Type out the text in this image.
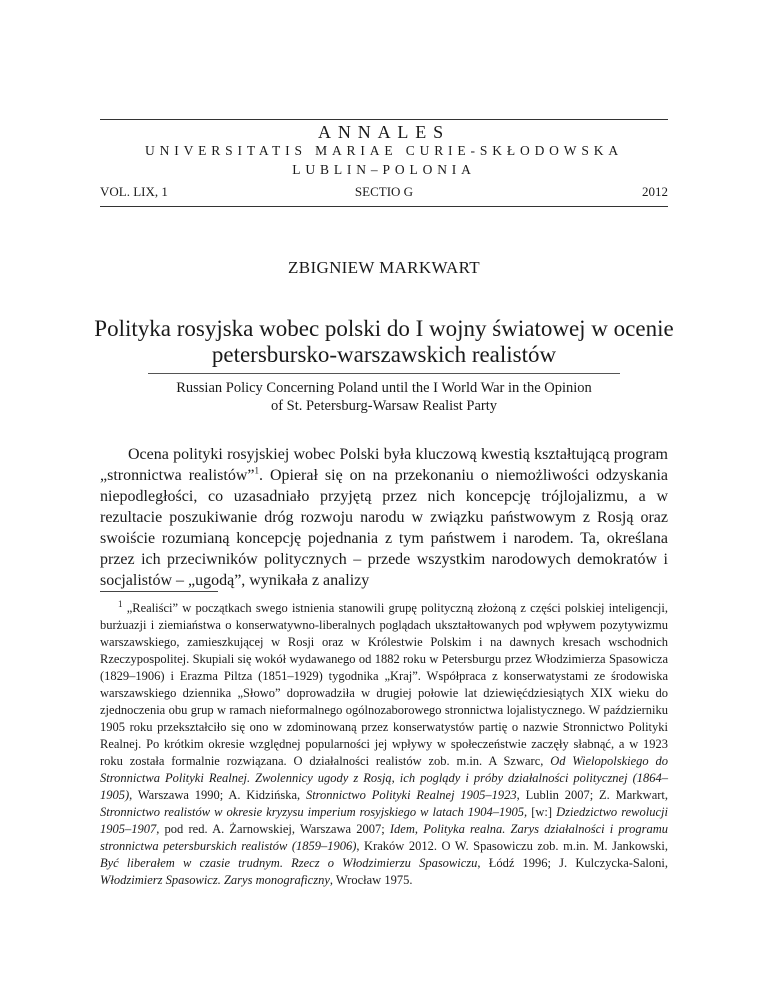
ANNALES
UNIVERSITATIS MARIAE CURIE-SKŁODOWSKA
LUBLIN–POLONIA
VOL. LIX, 1	SECTIO G	2012
ZBIGNIEW MARKWART
Polityka rosyjska wobec polski do I wojny światowej w ocenie
petersbursko-warszawskich realistów
Russian Policy Concerning Poland until the I World War in the Opinion
of St. Petersburg-Warsaw Realist Party
Ocena polityki rosyjskiej wobec Polski była kluczową kwestią kształtującą program „stronnictwa realistów”$^1$. Opierał się on na przekonaniu o niemożliwości odzyskania niepodległości, co uzasadniało przyjętą przez nich koncepcję trójlojalizmu, a w rezultacie poszukiwanie dróg rozwoju narodu w związku państwowym z Rosją oraz swoiście rozumianą koncepcję pojednania z tym państwem i narodem. Ta, określana przez ich przeciwników politycznych – przede wszystkim narodowych demokratów i socjalistów – „ugodą”, wynikała z analizy
$^1$ „Realiści” w początkach swego istnienia stanowili grupę polityczną złożoną z części polskiej inteligencji, burżuazji i ziemiaństwa o konserwatywno-liberalnych poglądach ukształtowanych pod wpływem pozytywizmu warszawskiego, zamieszkującej w Rosji oraz w Królestwie Polskim i na dawnych kresach wschodnich Rzeczypospolitej. Skupiali się wokół wydawanego od 1882 roku w Petersburgu przez Włodzimierza Spasowicza (1829–1906) i Erazma Piltza (1851–1929) tygodnika „Kraj”. Współpraca z konserwatystami ze środowiska warszawskiego dziennika „Słowo” doprowadziła w drugiej połowie lat dziewięćdziesiątych XIX wieku do zjednoczenia obu grup w ramach nieformalnego ogólnozaborowego stronnictwa lojalistycznego. W październiku 1905 roku przekształciło się ono w zdominowaną przez konserwatystów partię o nazwie Stronnictwo Polityki Realnej. Po krótkim okresie względnej popularności jej wpływy w społeczeństwie zaczęły słabnąć, a w 1923 roku została formalnie rozwiązana. O działalności realistów zob. m.in. A Szwarc, Od Wielopolskiego do Stronnictwa Polityki Realnej. Zwolennicy ugody z Rosją, ich poglądy i próby działalności politycznej (1864–1905), Warszawa 1990; A. Kidzińska, Stronnictwo Polityki Realnej 1905–1923, Lublin 2007; Z. Markwart, Stronnictwo realistów w okresie kryzysu imperium rosyjskiego w latach 1904–1905, [w:] Dziedzictwo rewolucji 1905–1907, pod red. A. Żarnowskiej, Warszawa 2007; Idem, Polityka realna. Zarys działalności i programu stronnictwa petersburskich realistów (1859–1906), Kraków 2012. O W. Spasowiczu zob. m.in. M. Jankowski, Być liberałem w czasie trudnym. Rzecz o Włodzimierzu Spasowiczu, Łódź 1996; J. Kulczycka-Saloni, Włodzimierz Spasowicz. Zarys monograficzny, Wrocław 1975.
